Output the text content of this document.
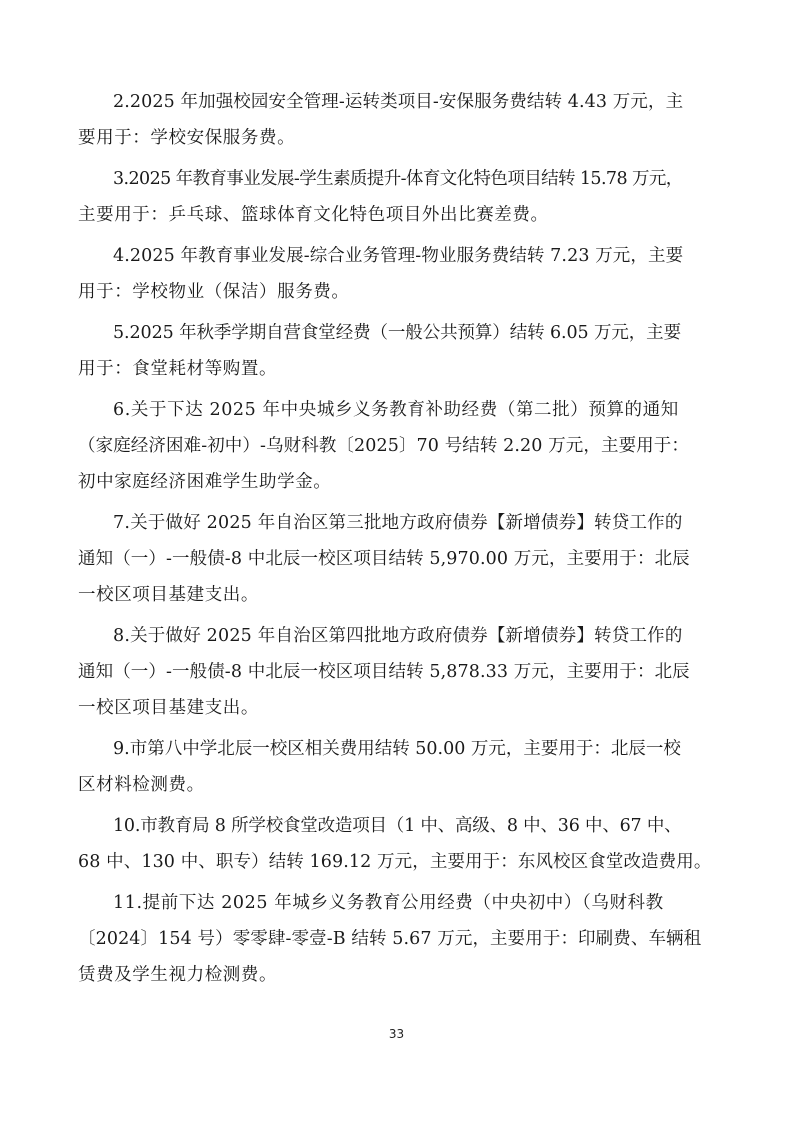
2.2025 年加强校园安全管理-运转类项目-安保服务费结转 4.43 万元，主
要用于：学校安保服务费。

3.2025 年教育事业发展-学生素质提升-体育文化特色项目结转 15.78 万元，
主要用于：乒乓球、篮球体育文化特色项目外出比赛差费。

4.2025 年教育事业发展-综合业务管理-物业服务费结转 7.23 万元，主要
用于：学校物业（保洁）服务费。

5.2025 年秋季学期自营食堂经费（一般公共预算）结转 6.05 万元，主要
用于：食堂耗材等购置。

6.关于下达 2025 年中央城乡义务教育补助经费（第二批）预算的通知
（家庭经济困难-初中）-乌财科教〔2025〕70 号结转 2.20 万元，主要用于：
初中家庭经济困难学生助学金。

7.关于做好 2025 年自治区第三批地方政府债券【新增债券】转贷工作的
通知（一）-一般债-8 中北辰一校区项目结转 5,970.00 万元，主要用于：北辰
一校区项目基建支出。

8.关于做好 2025 年自治区第四批地方政府债券【新增债券】转贷工作的
通知（一）-一般债-8 中北辰一校区项目结转 5,878.33 万元，主要用于：北辰
一校区项目基建支出。

9.市第八中学北辰一校区相关费用结转 50.00 万元，主要用于：北辰一校
区材料检测费。

10.市教育局 8 所学校食堂改造项目（1 中、高级、8 中、36 中、67 中、
68 中、130 中、职专）结转 169.12 万元，主要用于：东风校区食堂改造费用。

11.提前下达 2025 年城乡义务教育公用经费（中央初中）（乌财科教
〔2024〕154 号）零零肆-零壹-B 结转 5.67 万元，主要用于：印刷费、车辆租
赁费及学生视力检测费。

33
